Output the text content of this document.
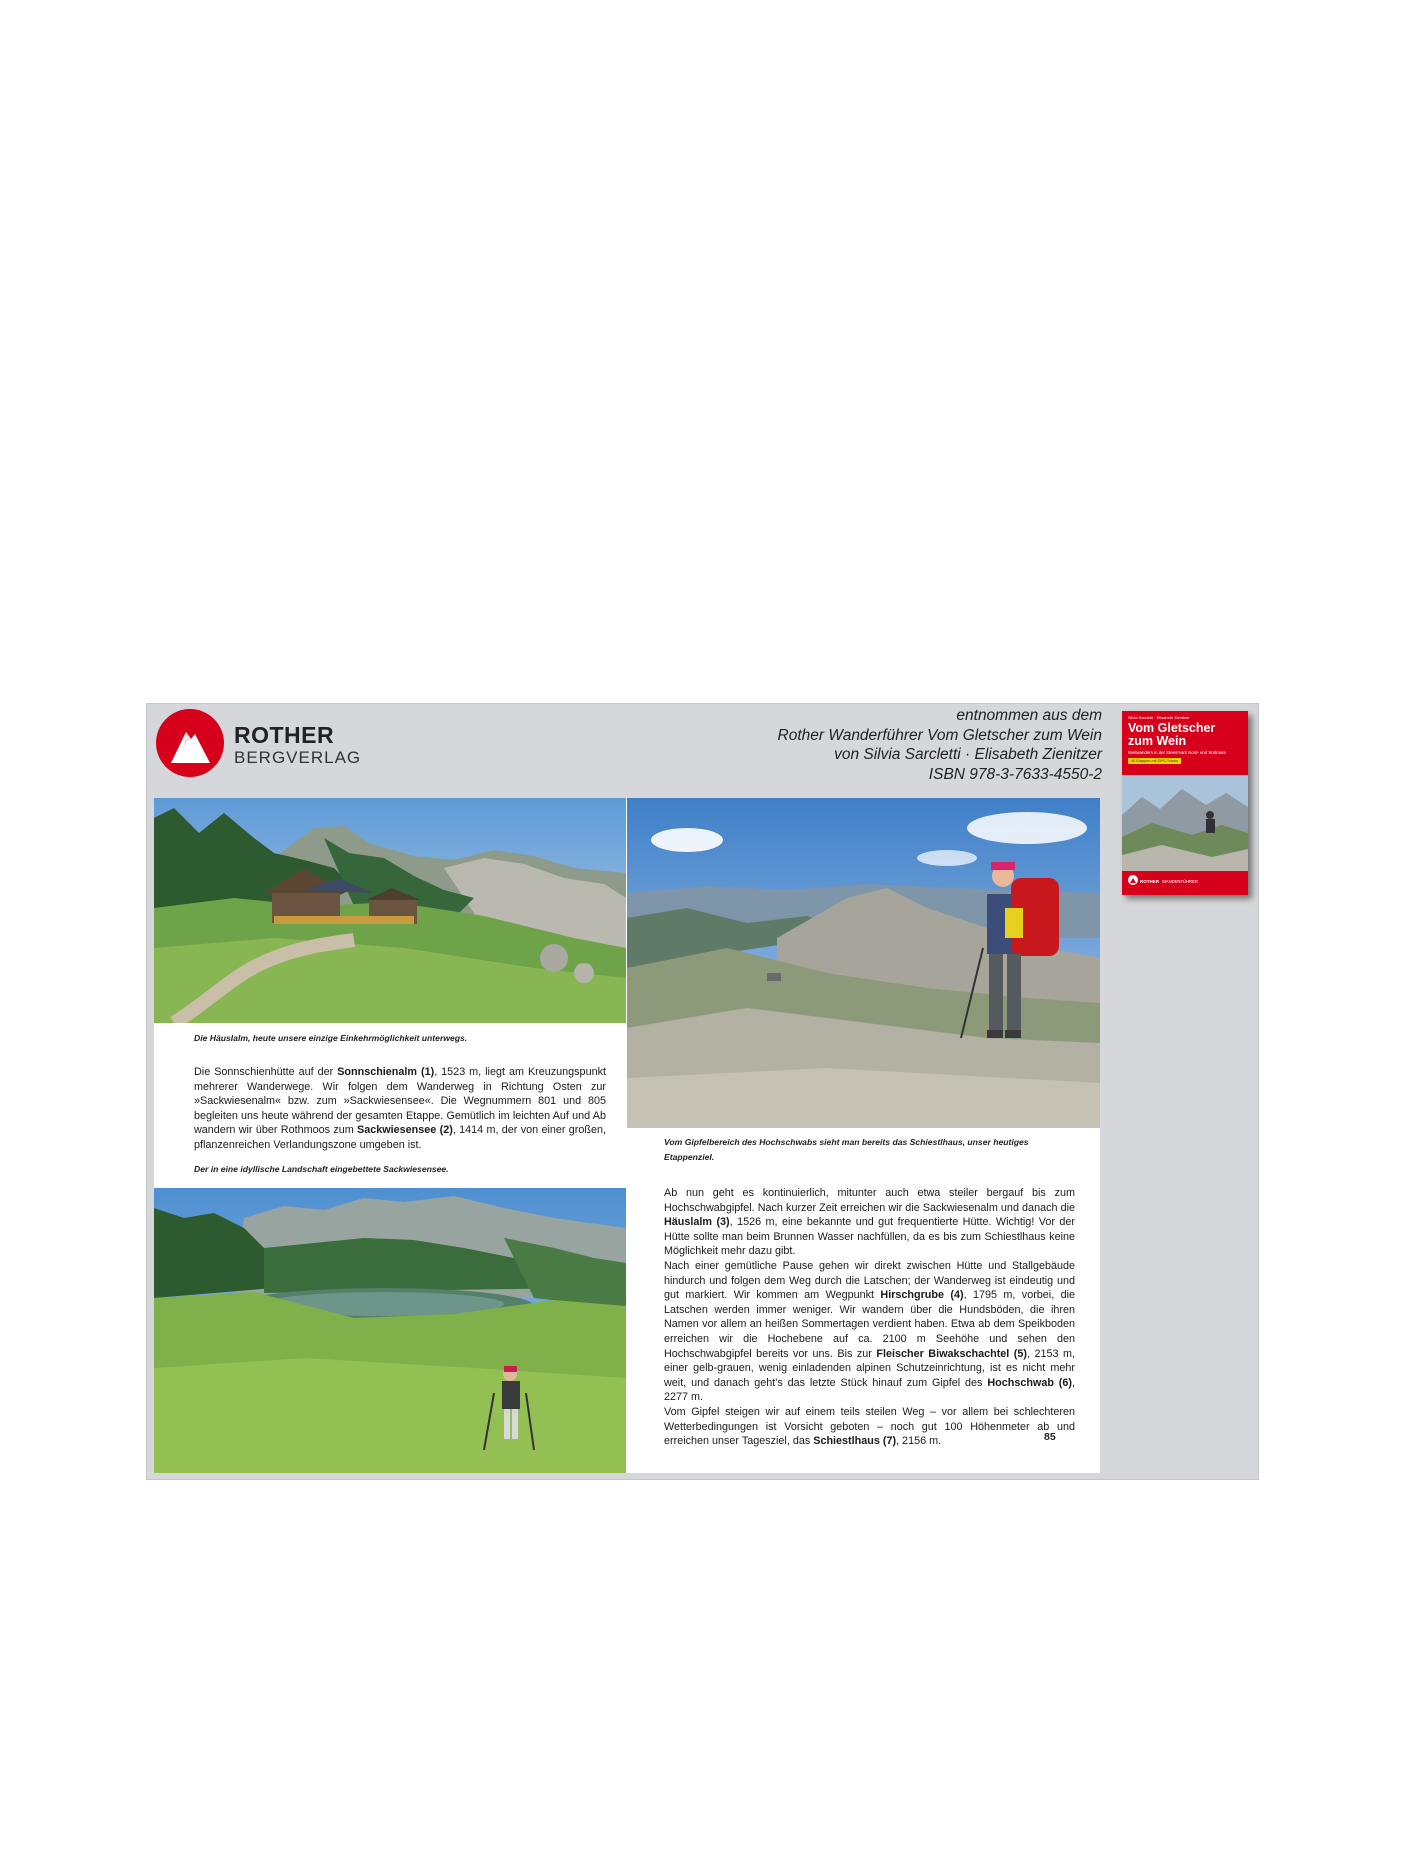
ROTHER
BERGVERLAG
entnommen aus dem
Rother Wanderführer Vom Gletscher zum Wein
von Silvia Sarcletti · Elisabeth Zienitzer
ISBN 978-3-7633-4550-2
Silvia Sarcletti · Elisabeth Zienitzer
Vom Gletscher zum Wein
Weitwandern in der Steiermark Nord- und Südroute
40 Etappen mit GPS-Tracks
ROTHER WANDERFÜHRER
Die Häuslalm, heute unsere einzige Einkehrmöglichkeit unterwegs.

Die Sonnschienhütte auf der Sonnschienalm (1), 1523 m, liegt am Kreuzungspunkt mehrerer Wanderwege. Wir folgen dem Wanderweg in Richtung Osten zur »Sackwiesenalm« bzw. zum »Sackwiesensee«. Die Wegnummern 801 und 805 begleiten uns heute während der gesamten Etappe. Gemütlich im leichten Auf und Ab wandern wir über Rothmoos zum Sackwiesensee (2), 1414 m, der von einer großen, pflanzenreichen Verlandungszone umgeben ist.

Der in eine idyllische Landschaft eingebettete Sackwiesensee.
Vom Gipfelbereich des Hochschwabs sieht man bereits das Schiestlhaus, unser heutiges Etappenziel.

Ab nun geht es kontinuierlich, mitunter auch etwa steiler bergauf bis zum Hochschwabgipfel. Nach kurzer Zeit erreichen wir die Sackwiesenalm und danach die Häuslalm (3), 1526 m, eine bekannte und gut frequentierte Hütte. Wichtig! Vor der Hütte sollte man beim Brunnen Wasser nachfüllen, da es bis zum Schiestlhaus keine Möglichkeit mehr dazu gibt.

Nach einer gemütliche Pause gehen wir direkt zwischen Hütte und Stallgebäude hindurch und folgen dem Weg durch die Latschen; der Wanderweg ist eindeutig und gut markiert. Wir kommen am Wegpunkt Hirschgrube (4), 1795 m, vorbei, die Latschen werden immer weniger. Wir wandern über die Hundsböden, die ihren Namen vor allem an heißen Sommertagen verdient haben. Etwa ab dem Speikboden erreichen wir die Hochebene auf ca. 2100 m Seehöhe und sehen den Hochschwabgipfel bereits vor uns. Bis zur Fleischer Biwakschachtel (5), 2153 m, einer gelb-grauen, wenig einladenden alpinen Schutzeinrichtung, ist es nicht mehr weit, und danach geht's das letzte Stück hinauf zum Gipfel des Hochschwab (6), 2277 m.

Vom Gipfel steigen wir auf einem teils steilen Weg – vor allem bei schlechteren Wetterbedingungen ist Vorsicht geboten – noch gut 100 Höhenmeter ab und erreichen unser Tagesziel, das Schiestlhaus (7), 2156 m.	85
